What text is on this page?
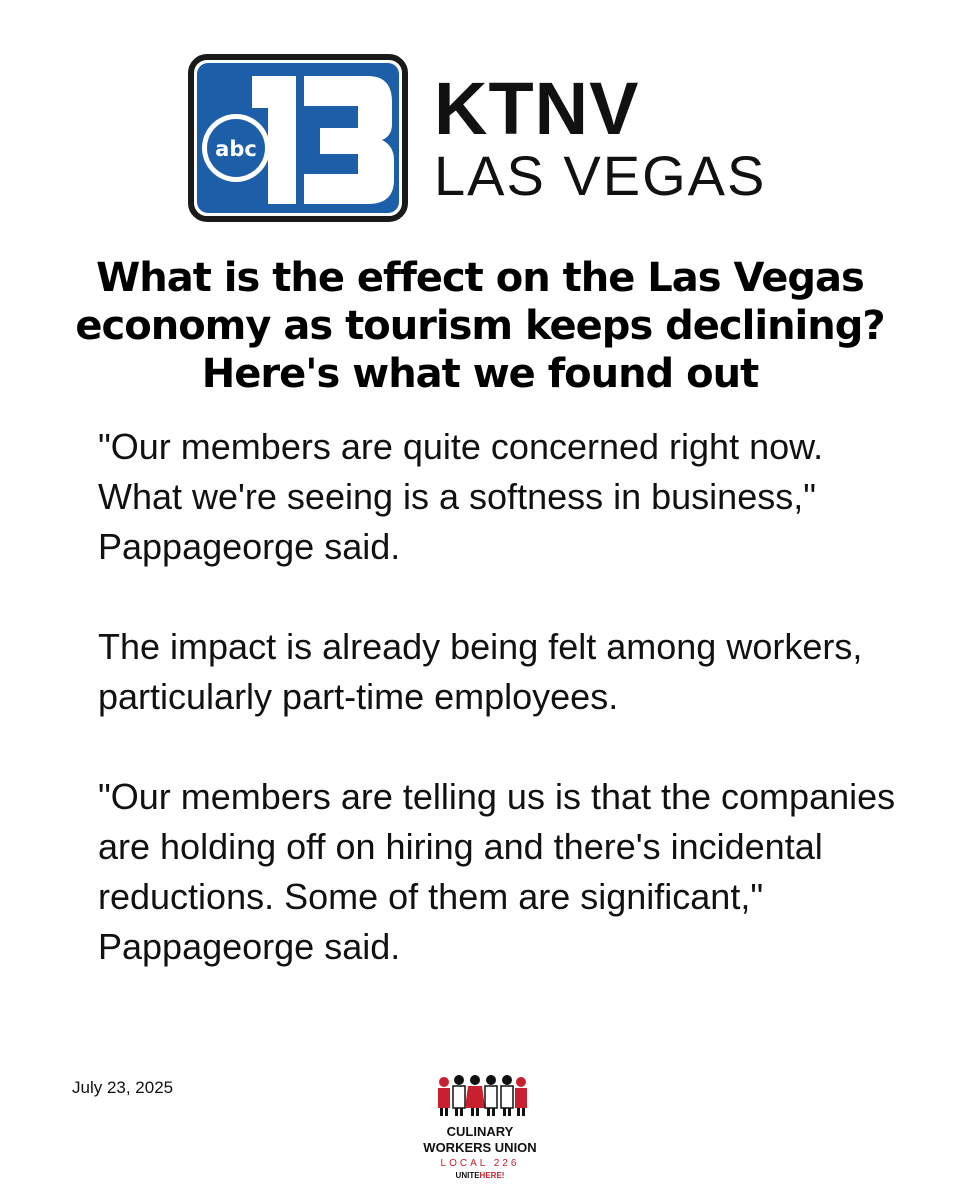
abc KTNV
LAS VEGAS
What is the effect on the Las Vegas economy as tourism keeps declining? Here's what we found out

"Our members are quite concerned right now. What we're seeing is a softness in business," Pappageorge said.

The impact is already being felt among workers, particularly part-time employees.

"Our members are telling us is that the companies are holding off on hiring and there's incidental reductions. Some of them are significant," Pappageorge said.

July 23, 2025
CULINARY
WORKERS UNION
LOCAL 226
UNITEHERE!
